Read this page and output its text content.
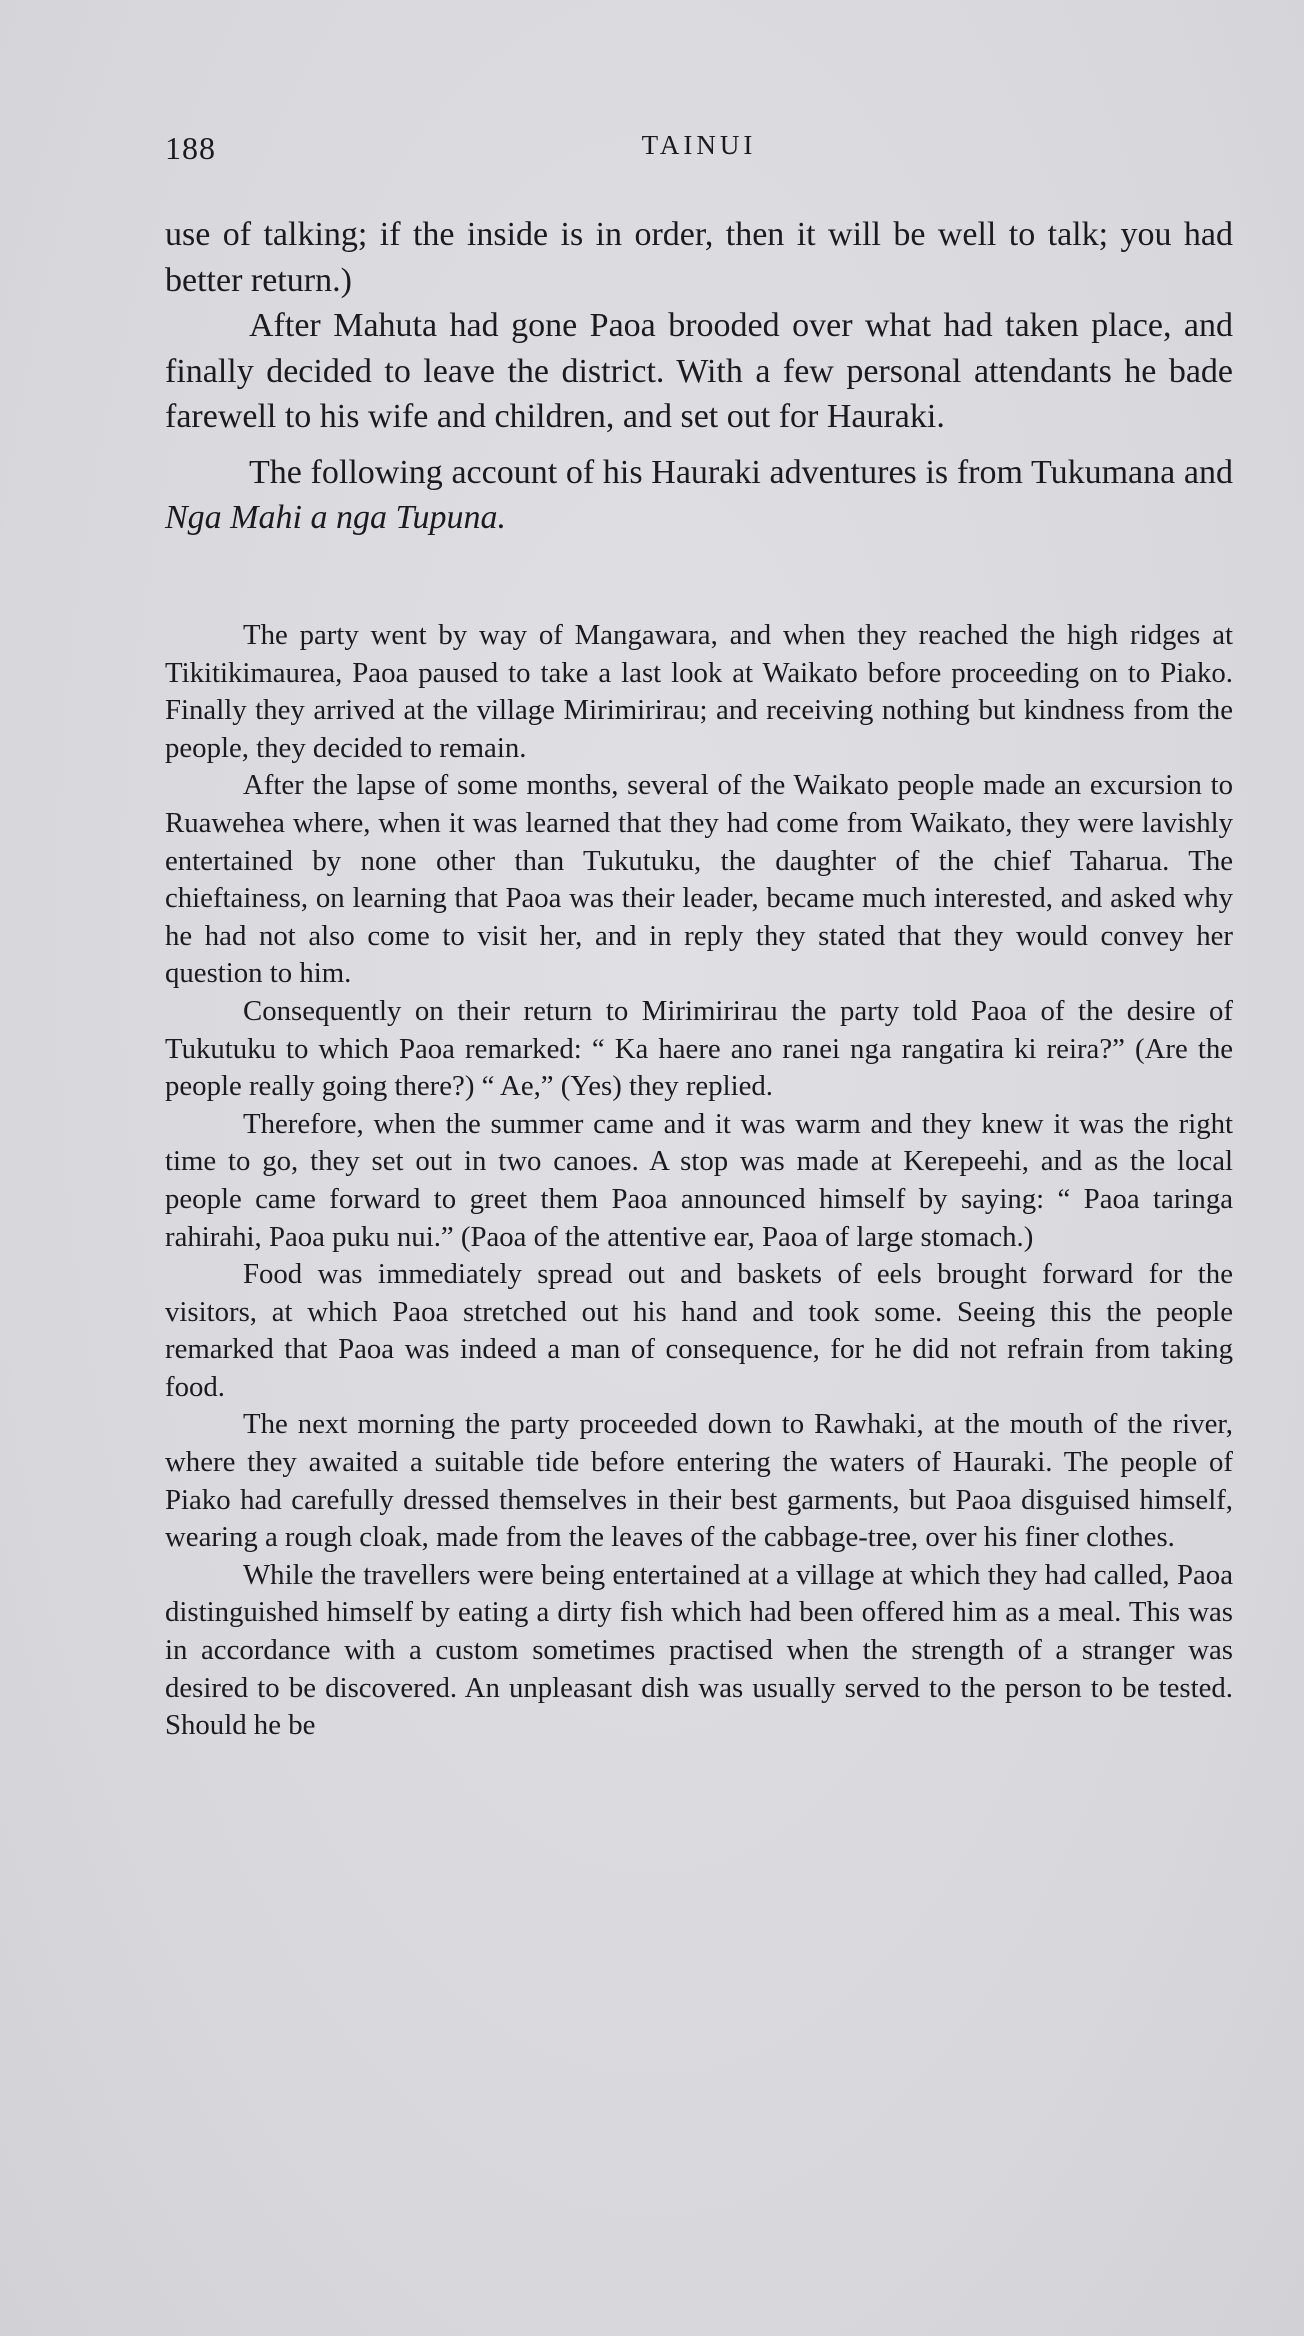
188	TAINUI

use of talking; if the inside is in order, then it will be well to talk; you had better return.)

After Mahuta had gone Paoa brooded over what had taken place, and finally decided to leave the district. With a few personal attendants he bade farewell to his wife and children, and set out for Hauraki.

The following account of his Hauraki adventures is from Tukumana and Nga Mahi a nga Tupuna.

The party went by way of Mangawara, and when they reached the high ridges at Tikitikimaurea, Paoa paused to take a last look at Waikato before proceeding on to Piako. Finally they arrived at the village Mirimirirau; and receiving nothing but kindness from the people, they decided to remain.

After the lapse of some months, several of the Waikato people made an excursion to Ruawehea where, when it was learned that they had come from Waikato, they were lavishly entertained by none other than Tukutuku, the daughter of the chief Taharua. The chieftainess, on learning that Paoa was their leader, became much interested, and asked why he had not also come to visit her, and in reply they stated that they would convey her question to him.

Consequently on their return to Mirimirirau the party told Paoa of the desire of Tukutuku to which Paoa remarked: “ Ka haere ano ranei nga rangatira ki reira?” (Are the people really going there?) “ Ae,” (Yes) they replied.

Therefore, when the summer came and it was warm and they knew it was the right time to go, they set out in two canoes. A stop was made at Kerepeehi, and as the local people came forward to greet them Paoa announced himself by saying: “ Paoa taringa rahirahi, Paoa puku nui.” (Paoa of the attentive ear, Paoa of large stomach.)

Food was immediately spread out and baskets of eels brought forward for the visitors, at which Paoa stretched out his hand and took some. Seeing this the people remarked that Paoa was indeed a man of consequence, for he did not refrain from taking food.

The next morning the party proceeded down to Rawhaki, at the mouth of the river, where they awaited a suitable tide before entering the waters of Hauraki. The people of Piako had carefully dressed themselves in their best garments, but Paoa disguised himself, wearing a rough cloak, made from the leaves of the cabbage-tree, over his finer clothes.

While the travellers were being entertained at a village at which they had called, Paoa distinguished himself by eating a dirty fish which had been offered him as a meal. This was in accordance with a custom sometimes practised when the strength of a stranger was desired to be discovered. An unpleasant dish was usually served to the person to be tested. Should he be
